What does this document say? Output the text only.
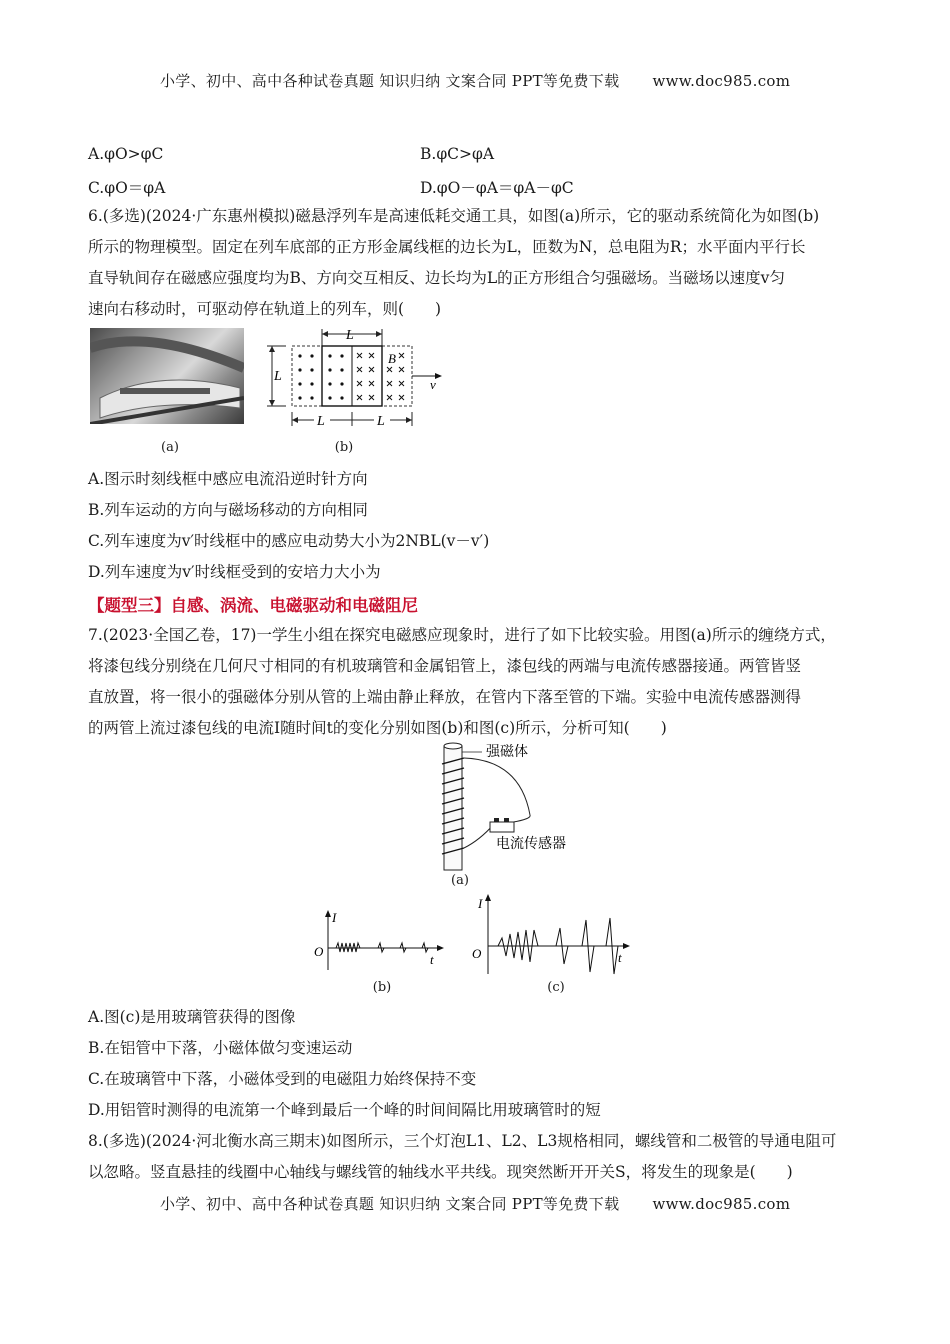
小学、初中、高中各种试卷真题 知识归纳 文案合同 PPT等免费下载 www.doc985.com
A.φO>φC	B.φC>φA
C.φO＝φA	D.φO－φA＝φA－φC
6.(多选)(2024·广东惠州模拟)磁悬浮列车是高速低耗交通工具，如图(a)所示，它的驱动系统简化为如图(b)
所示的物理模型。固定在列车底部的正方形金属线框的边长为L，匝数为N，总电阻为R；水平面内平行长
直导轨间存在磁感应强度均为B、方向交互相反、边长均为L的正方形组合匀强磁场。当磁场以速度v匀
速向右移动时，可驱动停在轨道上的列车，则(　　)
(a)
L
L
B
v
L	L
(b)
A.图示时刻线框中感应电流沿逆时针方向
B.列车运动的方向与磁场移动的方向相同
C.列车速度为v′时线框中的感应电动势大小为2NBL(v－v′)
D.列车速度为v′时线框受到的安培力大小为
【题型三】自感、涡流、电磁驱动和电磁阻尼
7.(2023·全国乙卷，17)一学生小组在探究电磁感应现象时，进行了如下比较实验。用图(a)所示的缠绕方式，
将漆包线分别绕在几何尺寸相同的有机玻璃管和金属铝管上，漆包线的两端与电流传感器接通。两管皆竖
直放置，将一很小的强磁体分别从管的上端由静止释放，在管内下落至管的下端。实验中电流传感器测得
的两管上流过漆包线的电流I随时间t的变化分别如图(b)和图(c)所示，分析可知(　　)
强磁体
电流传感器
(a)
I
O
t
(b)
I
O	t
(c)
A.图(c)是用玻璃管获得的图像
B.在铝管中下落，小磁体做匀变速运动
C.在玻璃管中下落，小磁体受到的电磁阻力始终保持不变
D.用铝管时测得的电流第一个峰到最后一个峰的时间间隔比用玻璃管时的短
8.(多选)(2024·河北衡水高三期末)如图所示，三个灯泡L1、L2、L3规格相同，螺线管和二极管的导通电阻可
以忽略。竖直悬挂的线圈中心轴线与螺线管的轴线水平共线。现突然断开开关S，将发生的现象是(　　)
小学、初中、高中各种试卷真题 知识归纳 文案合同 PPT等免费下载 www.doc985.com
